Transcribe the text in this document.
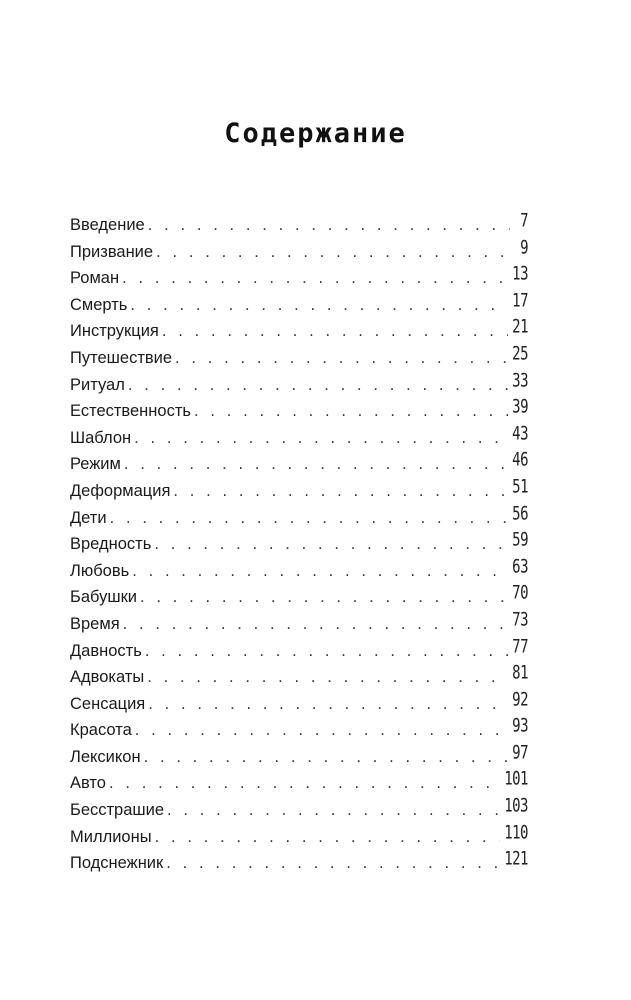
Содержание
Введение . . .	7
Призвание . . .	9
Роман . . .	13
Смерть . . .	17
Инструкция . . .	21
Путешествие . . .	25
Ритуал . . .	33
Естественность . . .	39
Шаблон . . .	43
Режим . . .	46
Деформация . . .	51
Дети . . .	56
Вредность . . .	59
Любовь . . .	63
Бабушки . . .	70
Время . . .	73
Давность . . .	77
Адвокаты . . .	81
Сенсация . . .	92
Красота . . .	93
Лексикон . . .	97
Авто . . .	101
Бесстрашие . . .	103
Миллионы . . .	110
Подснежник . . .	121
